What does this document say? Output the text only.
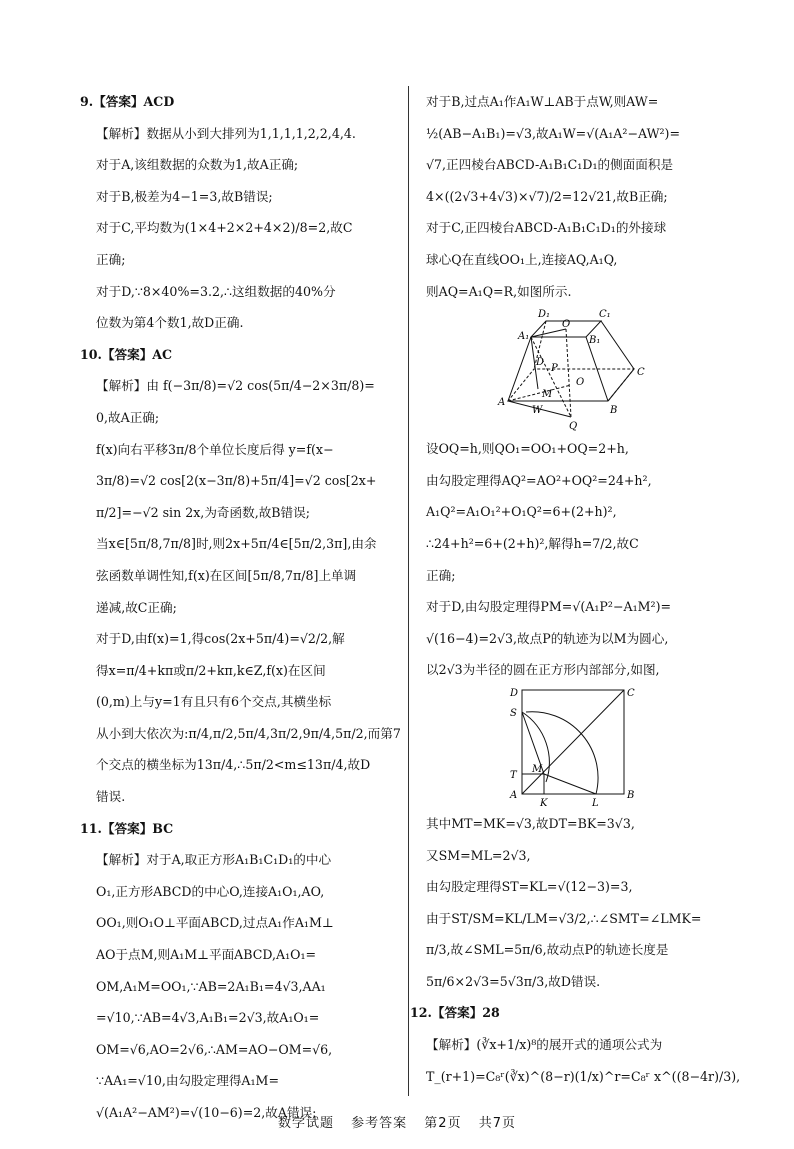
9.【答案】ACD

【解析】数据从小到大排列为1,1,1,1,2,2,4,4.

对于A,该组数据的众数为1,故A正确;

对于B,极差为4−1=3,故B错误;

对于C,平均数为(1×4+2×2+4×2)/8=2,故C

正确;

对于D,∵8×40%=3.2,∴这组数据的40%分

位数为第4个数1,故D正确.

10.【答案】AC

【解析】由 f(−3π/8)=√2 cos(5π/4−2×3π/8)=

0,故A正确;

f(x)向右平移3π/8个单位长度后得 y=f(x−

3π/8)=√2 cos[2(x−3π/8)+5π/4]=√2 cos[2x+

π/2]=−√2 sin 2x,为奇函数,故B错误;

当x∈[5π/8,7π/8]时,则2x+5π/4∈[5π/2,3π],由余

弦函数单调性知,f(x)在区间[5π/8,7π/8]上单调

递减,故C正确;

对于D,由f(x)=1,得cos(2x+5π/4)=√2/2,解

得x=π/4+kπ或π/2+kπ,k∈Z,f(x)在区间

(0,m)上与y=1有且只有6个交点,其横坐标

从小到大依次为:π/4,π/2,5π/4,3π/2,9π/4,5π/2,而第7

个交点的横坐标为13π/4,∴5π/2<m≤13π/4,故D

错误.

11.【答案】BC

【解析】对于A,取正方形A₁B₁C₁D₁的中心

O₁,正方形ABCD的中心O,连接A₁O₁,AO,

OO₁,则O₁O⊥平面ABCD,过点A₁作A₁M⊥

AO于点M,则A₁M⊥平面ABCD,A₁O₁=

OM,A₁M=OO₁,∵AB=2A₁B₁=4√3,AA₁

=√10,∵AB=4√3,A₁B₁=2√3,故A₁O₁=

OM=√6,AO=2√6,∴AM=AO−OM=√6,

∵AA₁=√10,由勾股定理得A₁M=

√(A₁A²−AM²)=√(10−6)=2,故A错误;

对于B,过点A₁作A₁W⊥AB于点W,则AW=

½(AB−A₁B₁)=√3,故A₁W=√(A₁A²−AW²)=

√7,正四棱台ABCD-A₁B₁C₁D₁的侧面面积是

4×((2√3+4√3)×√7)/2=12√21,故B正确;

对于C,正四棱台ABCD-A₁B₁C₁D₁的外接球

球心Q在直线OO₁上,连接AQ,A₁Q,

则AQ=A₁Q=R,如图所示.

D₁	C₁
A₁
O
B₁
D
P
O
C
A
M
W	B
Q

设OQ=h,则QO₁=OO₁+OQ=2+h,

由勾股定理得AQ²=AO²+OQ²=24+h²,

A₁Q²=A₁O₁²+O₁Q²=6+(2+h)²,

∴24+h²=6+(2+h)²,解得h=7/2,故C

正确;

对于D,由勾股定理得PM=√(A₁P²−A₁M²)=

√(16−4)=2√3,故点P的轨迹为以M为圆心,

以2√3为半径的圆在正方形内部部分,如图,

D	C
S
T
M
A
K	L
B

其中MT=MK=√3,故DT=BK=3√3,

又SM=ML=2√3,

由勾股定理得ST=KL=√(12−3)=3,

由于ST/SM=KL/LM=√3/2,∴∠SMT=∠LMK=

π/3,故∠SML=5π/6,故动点P的轨迹长度是

5π/6×2√3=5√3π/3,故D错误.

12.【答案】28

【解析】(∛x+1/x)⁸的展开式的通项公式为

T_(r+1)=C₈ʳ(∛x)^(8−r)(1/x)^r=C₈ʳ x^((8−4r)/3),

数学试题 参考答案 第2页 共7页
